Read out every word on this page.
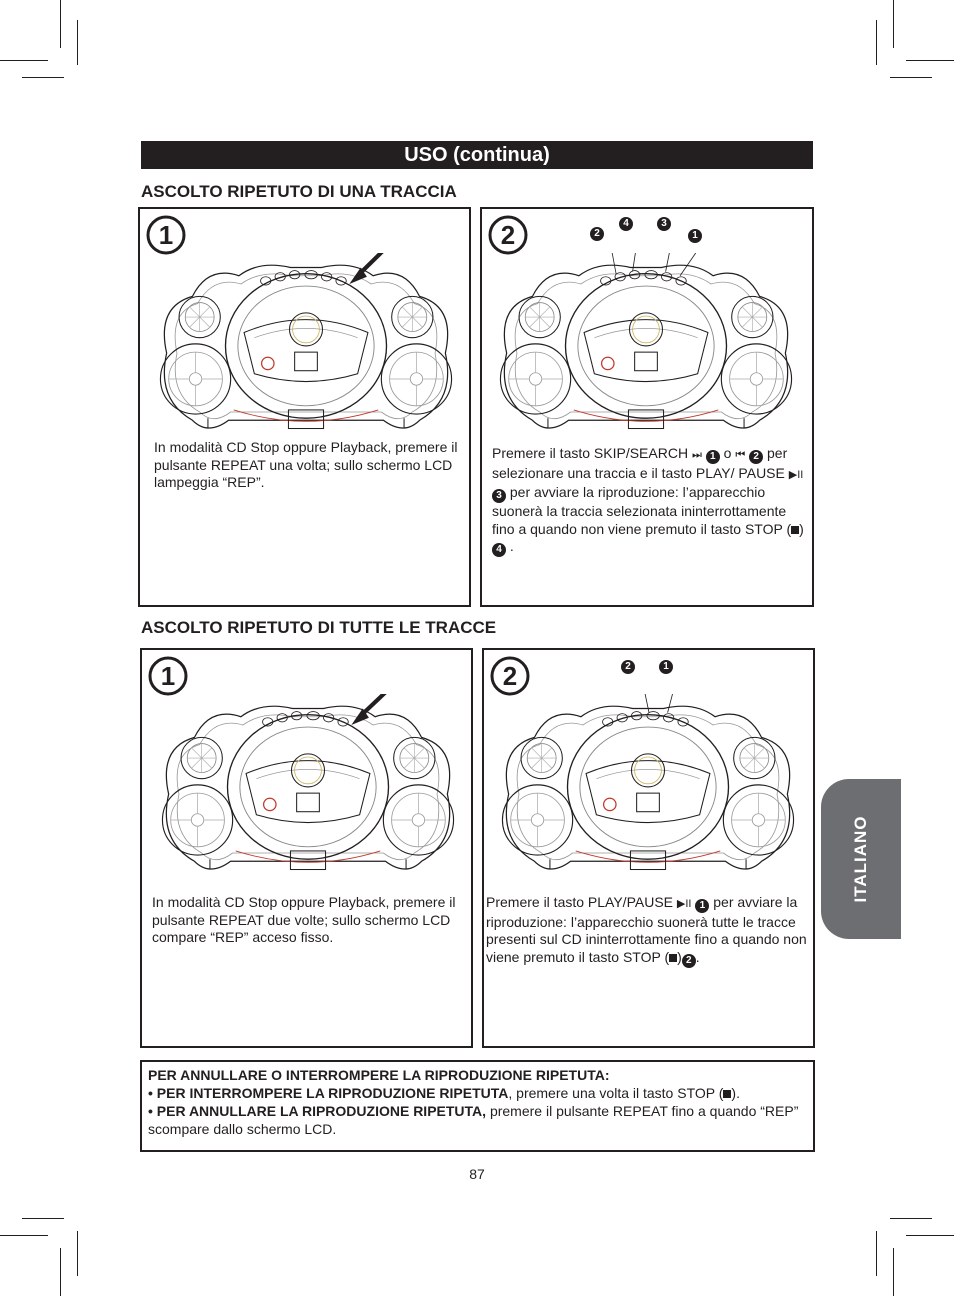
USO (continua)
ASCOLTO RIPETUTO DI UNA TRACCIA
In modalità CD Stop oppure Playback, premere il pulsante REPEAT una volta; sullo schermo LCD lampeggia “REP”.
2
4	3
1
Premere il tasto SKIP/SEARCH ⏭ 1 o ⏮ 2 per selezionare una traccia e il tasto PLAY/ PAUSE ▶II 3 per avviare la riproduzione: l’apparecchio suonerà la traccia selezionata ininterrottamente fino a quando non viene premuto il tasto STOP ( )4 .
ASCOLTO RIPETUTO DI TUTTE LE TRACCE
In modalità CD Stop oppure Playback, premere il pulsante REPEAT due volte; sullo schermo LCD compare “REP” acceso fisso.
2	1
Premere il tasto PLAY/PAUSE ▶II 1 per avviare la riproduzione: l’apparecchio suonerà tutte le tracce presenti sul CD ininterrottamente fino a quando non viene premuto il tasto STOP ( ) 2 .
PER ANNULLARE O INTERROMPERE LA RIPRODUZIONE RIPETUTA:
• PER INTERROMPERE LA RIPRODUZIONE RIPETUTA, premere una volta il tasto STOP ( ).
• PER ANNULLARE LA RIPRODUZIONE RIPETUTA, premere il pulsante REPEAT fino a quando “REP” scompare dallo schermo LCD.
87
ITALIANO
